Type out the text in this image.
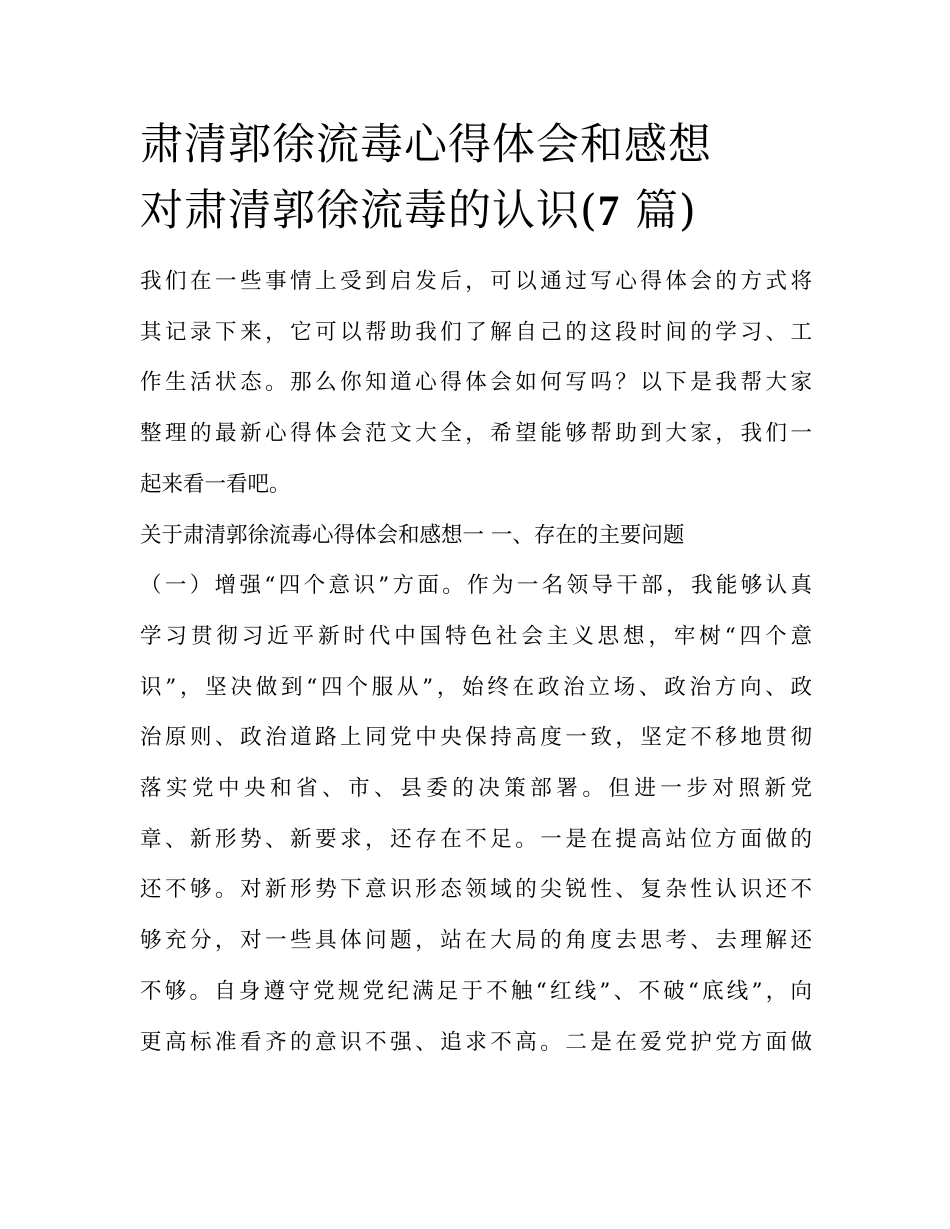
肃清郭徐流毒心得体会和感想
对肃清郭徐流毒的认识(7 篇)
我们在一些事情上受到启发后，可以通过写心得体会的方式将
其记录下来，它可以帮助我们了解自己的这段时间的学习、工
作生活状态。那么你知道心得体会如何写吗？以下是我帮大家
整理的最新心得体会范文大全，希望能够帮助到大家，我们一
起来看一看吧。
关于肃清郭徐流毒心得体会和感想一 一、存在的主要问题
（一）增强“四个意识”方面。作为一名领导干部，我能够认真
学习贯彻习近平新时代中国特色社会主义思想，牢树“四个意
识”，坚决做到“四个服从”，始终在政治立场、政治方向、政
治原则、政治道路上同党中央保持高度一致，坚定不移地贯彻
落实党中央和省、市、县委的决策部署。但进一步对照新党
章、新形势、新要求，还存在不足。一是在提高站位方面做的
还不够。对新形势下意识形态领域的尖锐性、复杂性认识还不
够充分，对一些具体问题，站在大局的角度去思考、去理解还
不够。自身遵守党规党纪满足于不触“红线”、不破“底线”，向
更高标准看齐的意识不强、追求不高。二是在爱党护党方面做
